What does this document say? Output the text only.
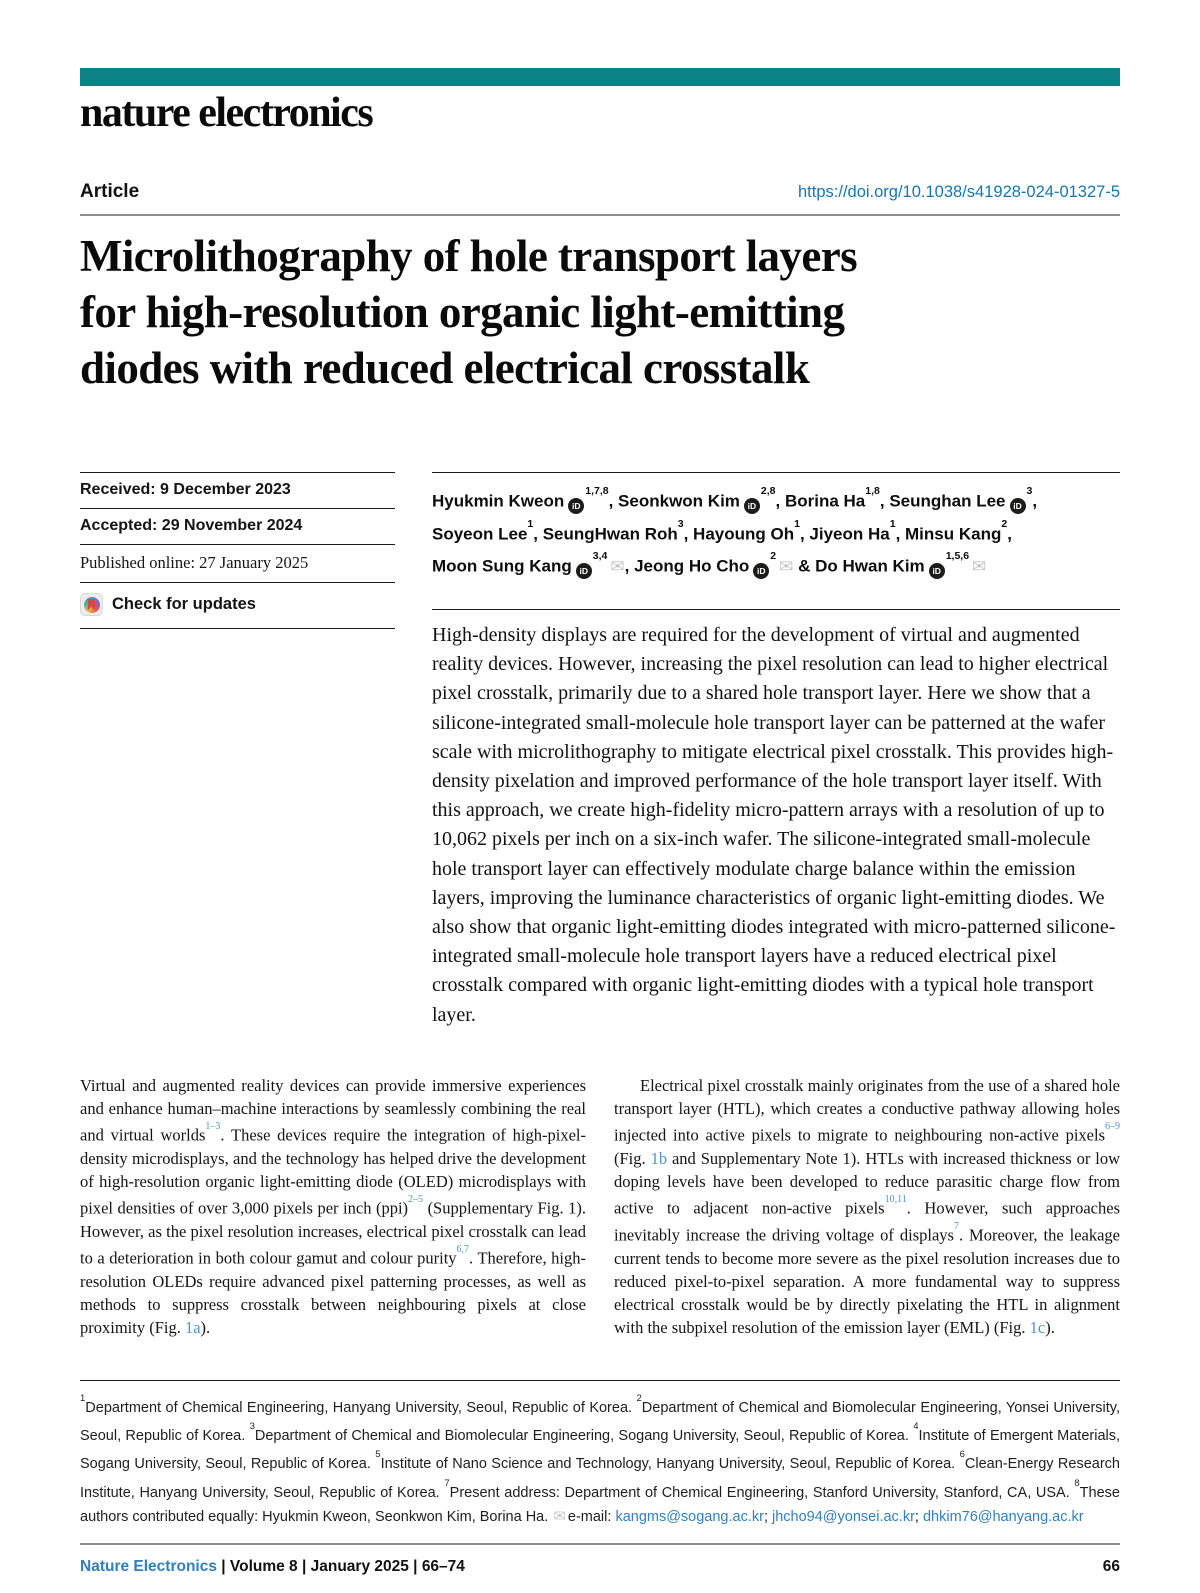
nature electronics
Article	https://doi.org/10.1038/s41928-024-01327-5
Microlithography of hole transport layers
for high-resolution organic light-emitting
diodes with reduced electrical crosstalk
Received: 9 December 2023
Accepted: 29 November 2024
Published online: 27 January 2025
Check for updates
Hyukmin Kweon iD$^{1,7,8}$, Seonkwon Kim iD$^{2,8}$, Borina Ha$^{1,8}$, Seunghan Lee $iD^3$,
Soyeon Lee$^1$, SeungHwan Roh$^3$, Hayoung Oh$^1$, Jiyeon Ha$^1$, Minsu Kang$^2$,
Moon Sung Kang iD$^{3,4}$✉, Jeong Ho Cho $iD^2✉$ & Do Hwan Kim iD$^{1,5,6}$✉
High-density displays are required for the development of virtual and augmented reality devices. However, increasing the pixel resolution can lead to higher electrical pixel crosstalk, primarily due to a shared hole transport layer. Here we show that a silicone-integrated small-molecule hole transport layer can be patterned at the wafer scale with microlithography to mitigate electrical pixel crosstalk. This provides high-density pixelation and improved performance of the hole transport layer itself. With this approach, we create high-fidelity micro-pattern arrays with a resolution of up to 10,062 pixels per inch on a six-inch wafer. The silicone-integrated small-molecule hole transport layer can effectively modulate charge balance within the emission layers, improving the luminance characteristics of organic light-emitting diodes. We also show that organic light-emitting diodes integrated with micro-patterned silicone-integrated small-molecule hole transport layers have a reduced electrical pixel crosstalk compared with organic light-emitting diodes with a typical hole transport layer.

Virtual and augmented reality devices can provide immersive experiences and enhance human–machine interactions by seamlessly combining the real and virtual worlds$^{1-3}$. These devices require the integration of high-pixel-density microdisplays, and the technology has helped drive the development of high-resolution organic light-emitting diode (OLED) microdisplays with pixel densities of over 3,000 pixels per inch (ppi)$^{2-5}$ (Supplementary Fig. 1). However, as the pixel resolution increases, electrical pixel crosstalk can lead to a deterioration in both colour gamut and colour purity$^{6,7}$. Therefore, high-resolution OLEDs require advanced pixel patterning processes, as well as methods to suppress crosstalk between neighbouring pixels at close proximity (Fig. 1a).

Electrical pixel crosstalk mainly originates from the use of a shared hole transport layer (HTL), which creates a conductive pathway allowing holes injected into active pixels to migrate to neighbouring non-active pixels$^{6-9}$ (Fig. 1b and Supplementary Note 1). HTLs with increased thickness or low doping levels have been developed to reduce parasitic charge flow from active to adjacent non-active pixels$^{10,11}$. However, such approaches inevitably increase the driving voltage of displays$^7$. Moreover, the leakage current tends to become more severe as the pixel resolution increases due to reduced pixel-to-pixel separation. A more fundamental way to suppress electrical crosstalk would be by directly pixelating the HTL in alignment with the subpixel resolution of the emission layer (EML) (Fig. 1c).

$^1$Department of Chemical Engineering, Hanyang University, Seoul, Republic of Korea. $^2$Department of Chemical and Biomolecular Engineering, Yonsei University, Seoul, Republic of Korea. $^3$Department of Chemical and Biomolecular Engineering, Sogang University, Seoul, Republic of Korea. $^4$Institute of Emergent Materials, Sogang University, Seoul, Republic of Korea. $^5$Institute of Nano Science and Technology, Hanyang University, Seoul, Republic of Korea. $^6$Clean-Energy Research Institute, Hanyang University, Seoul, Republic of Korea. $^7$Present address: Department of Chemical Engineering, Stanford University, Stanford, CA, USA. $^8$These authors contributed equally: Hyukmin Kweon, Seonkwon Kim, Borina Ha. ✉ e-mail: kangms@sogang.ac.kr; jhcho94@yonsei.ac.kr; dhkim76@hanyang.ac.kr
Nature Electronics | Volume 8 | January 2025 | 66–74	66
